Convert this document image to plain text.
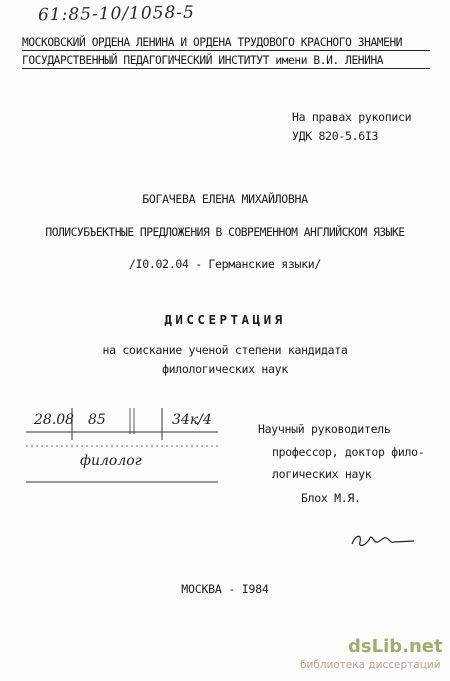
61:85-10/1058-5
МОСКОВСКИЙ ОРДЕНА ЛЕНИНА И ОРДЕНА ТРУДОВОГО КРАСНОГО ЗНАМЕНИ
ГОСУДАРСТВЕННЫЙ ПЕДАГОГИЧЕСКИЙ ИНСТИТУТ имени В.И. ЛЕНИНА
На правах рукописи
УДК 820-5.6I3
БОГАЧЕВА ЕЛЕНА МИХАЙЛОВНА
ПОЛИСУБЪЕКТНЫЕ ПРЕДЛОЖЕНИЯ В СОВРЕМЕННОМ АНГЛИЙСКОМ ЯЗЫКЕ
/I0.02.04 - Германские языки/
ДИССЕРТАЦИЯ
на соискание ученой степени кандидата
филологических наук
28.08 85	34к/4
филолог
Научный руководитель
профессор, доктор фило-
логических наук
Блох М.Я.
МОСКВА - I984
dsLib.net
библиотека диссертаций
